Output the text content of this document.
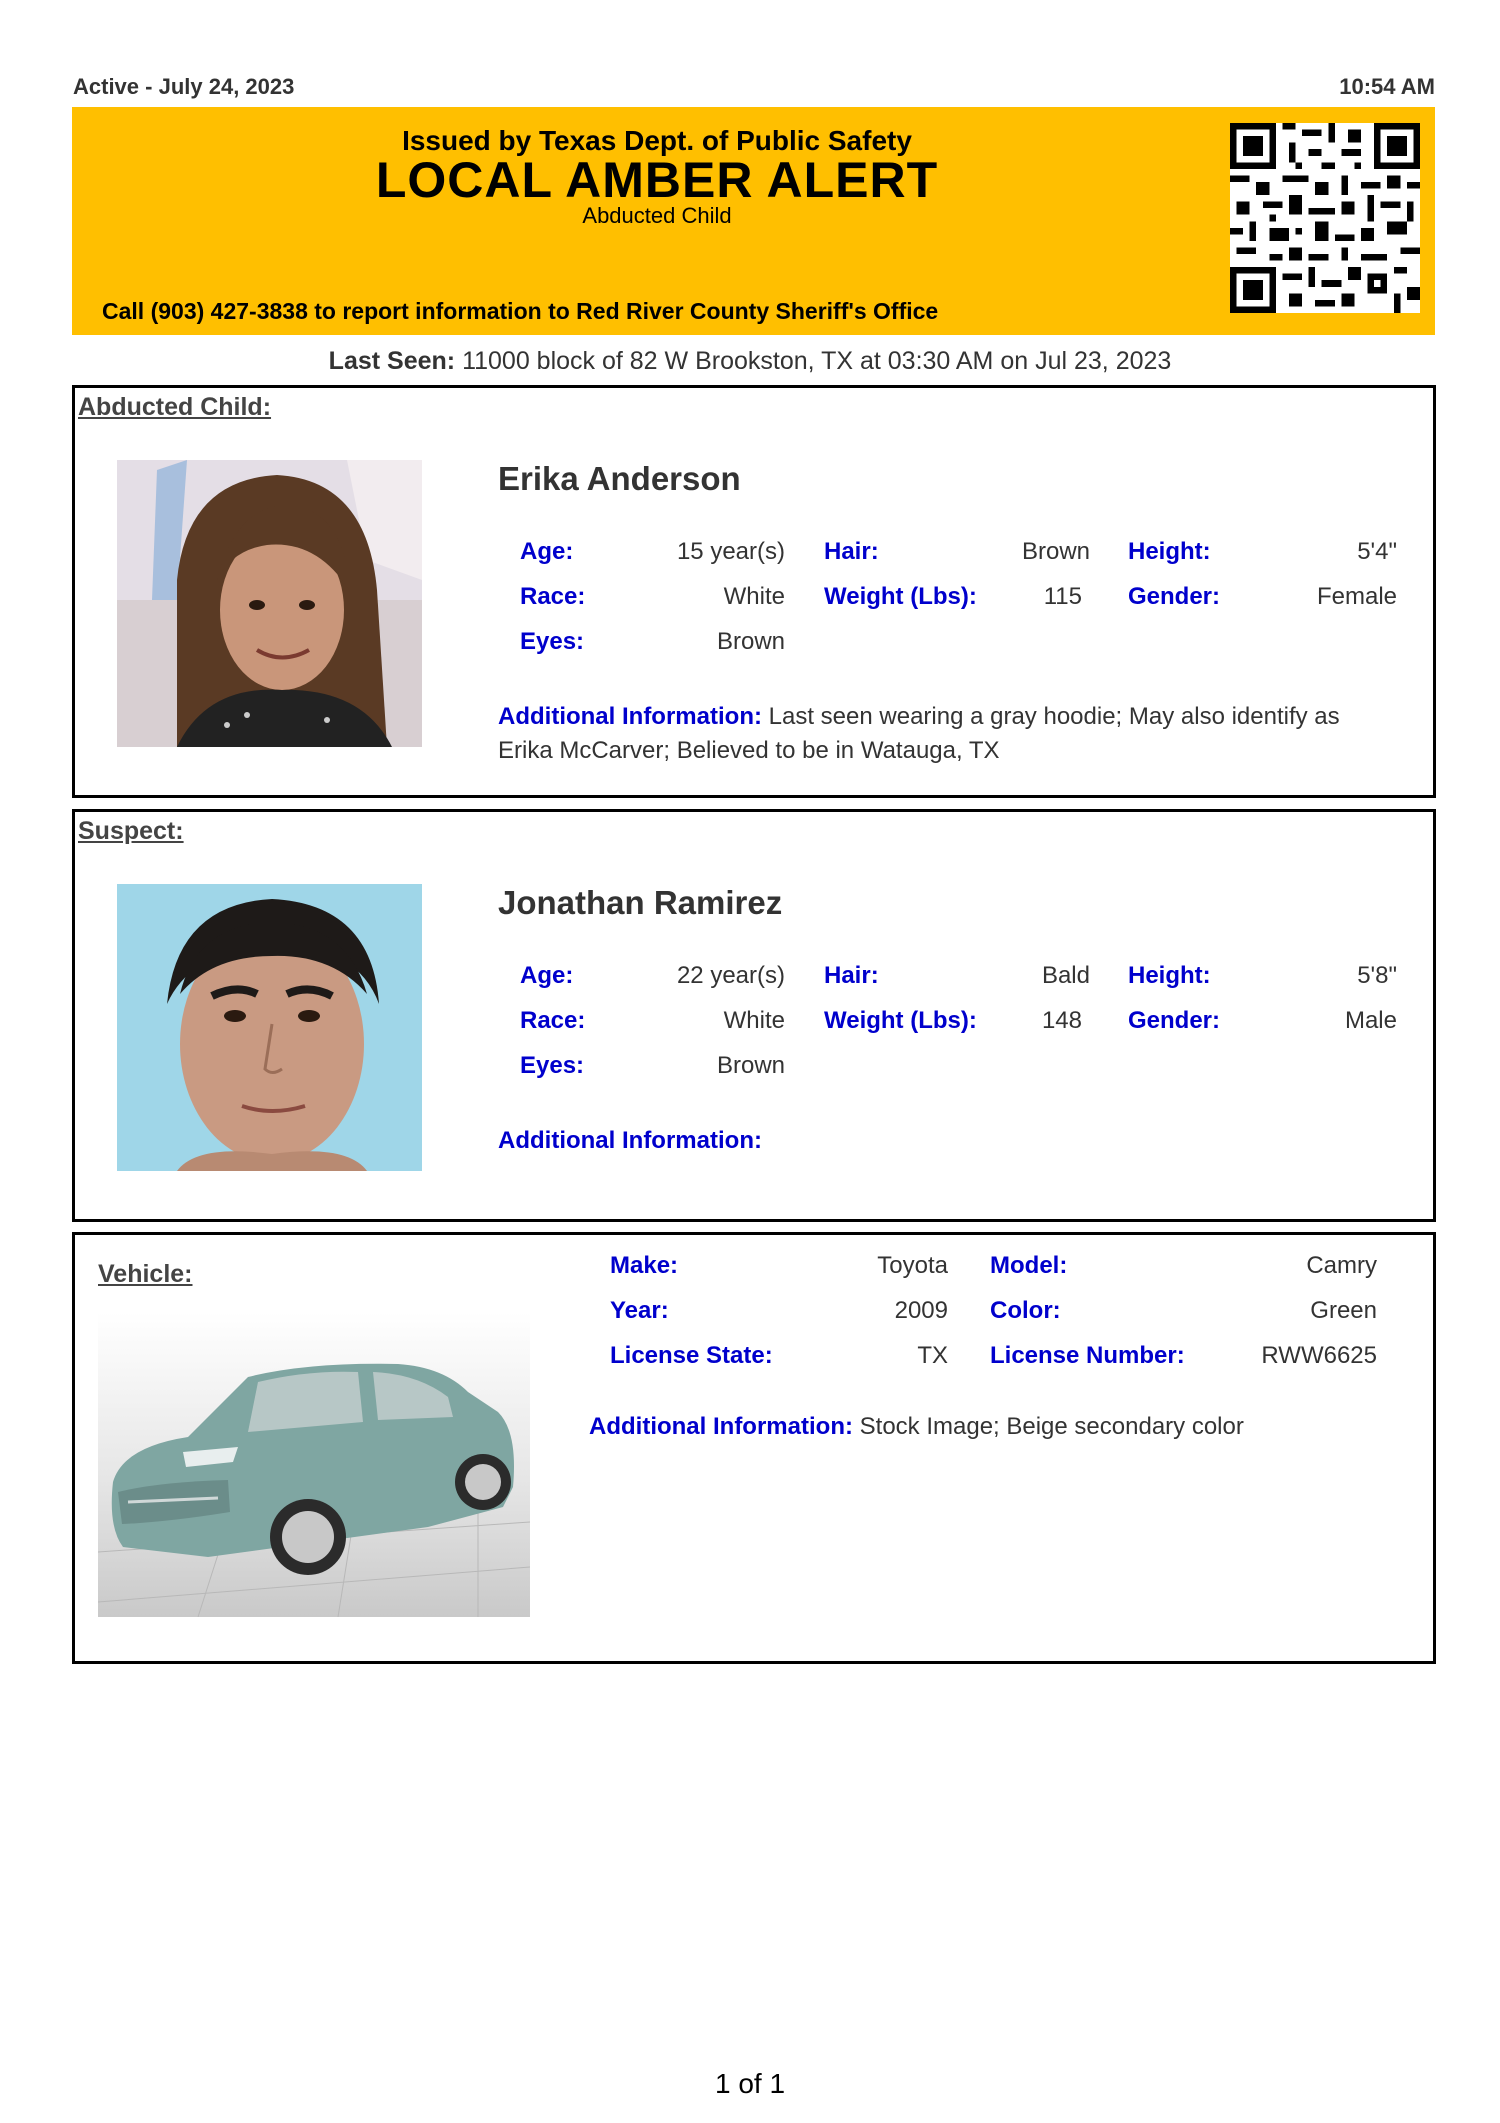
Active - July 24, 2023	10:54 AM
Issued by Texas Dept. of Public Safety
LOCAL AMBER ALERT
Abducted Child
Call (903) 427-3838 to report information to Red River County Sheriff's Office
Last Seen: 11000 block of 82 W Brookston, TX at 03:30 AM on Jul 23, 2023
Abducted Child:
Erika Anderson
Age:	15 year(s) Hair:	Brown Height:	5'4"
Race:	White Weight (Lbs):	115 Gender:	Female
Eyes:	Brown
Additional Information: Last seen wearing a gray hoodie; May also identify as Erika McCarver; Believed to be in Watauga, TX
Suspect:
Jonathan Ramirez
Age:	22 year(s) Hair:	Bald Height:	5'8"
Race:	White Weight (Lbs):	148 Gender:	Male
Eyes:	Brown
Additional Information:
Vehicle:	Make:	Toyota Model:	Camry
Year:	2009 Color:	Green
License State:	TX License Number:	RWW6625
Additional Information: Stock Image; Beige secondary color
1 of 1
